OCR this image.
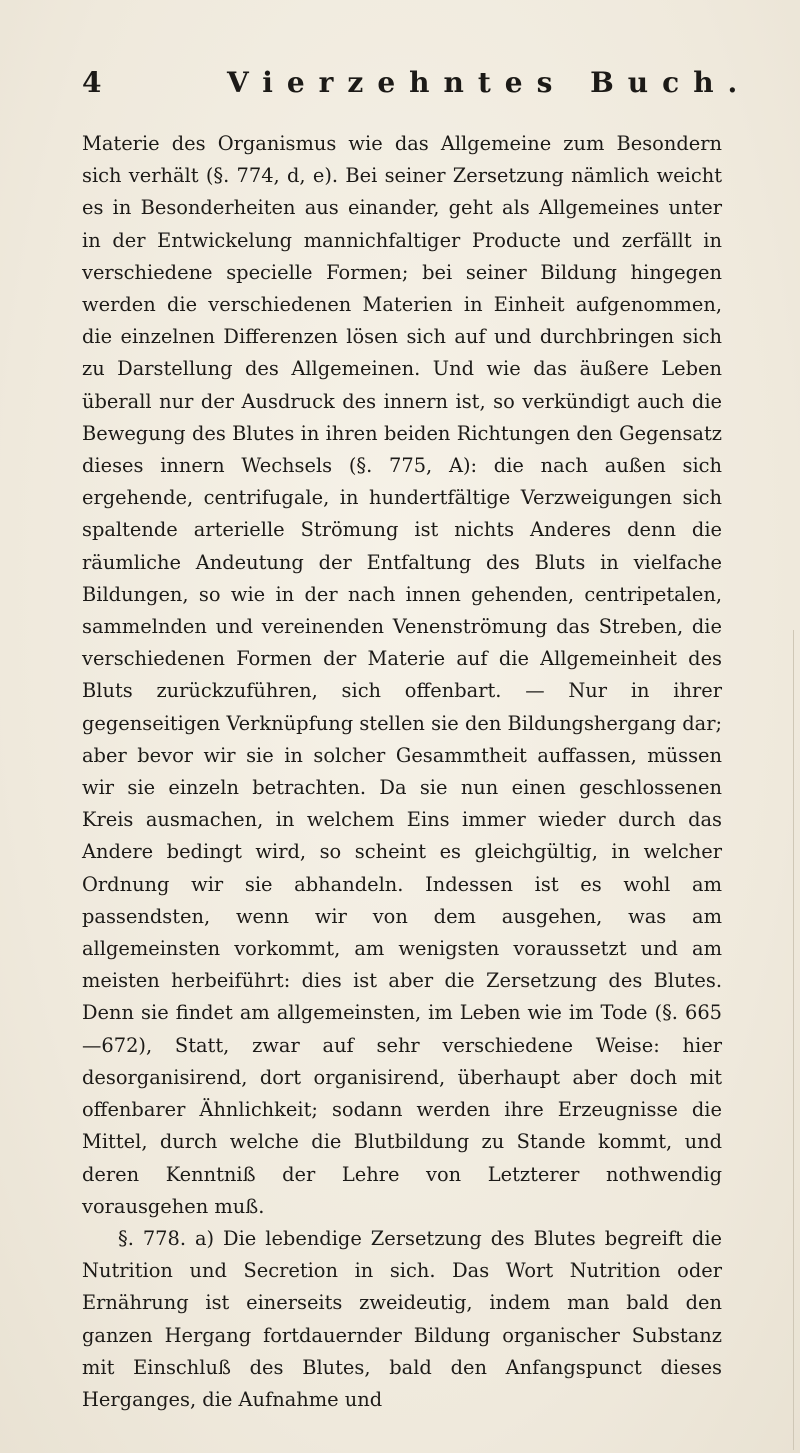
4	Vierzehntes Buch.

Materie des Organismus wie das Allgemeine zum Besondern sich verhält (§. 774, d, e). Bei seiner Zersetzung nämlich weicht es in Besonderheiten aus einander, geht als Allgemeines unter in der Entwickelung mannichfaltiger Producte und zerfällt in verschiedene specielle Formen; bei seiner Bildung hingegen werden die verschiedenen Materien in Einheit aufgenommen, die einzelnen Differenzen lösen sich auf und durchbringen sich zu Darstellung des Allgemeinen. Und wie das äußere Leben überall nur der Ausdruck des innern ist, so verkündigt auch die Bewegung des Blutes in ihren beiden Richtungen den Gegensatz dieses innern Wechsels (§. 775, A): die nach außen sich ergehende, centrifugale, in hundertfältige Verzweigungen sich spaltende arterielle Strömung ist nichts Anderes denn die räumliche Andeutung der Entfaltung des Bluts in vielfache Bildungen, so wie in der nach innen gehenden, centripetalen, sammelnden und vereinenden Venenströmung das Streben, die verschiedenen Formen der Materie auf die Allgemeinheit des Bluts zurückzuführen, sich offenbart. — Nur in ihrer gegenseitigen Verknüpfung stellen sie den Bildungshergang dar; aber bevor wir sie in solcher Gesammtheit auffassen, müssen wir sie einzeln betrachten. Da sie nun einen geschlossenen Kreis ausmachen, in welchem Eins immer wieder durch das Andere bedingt wird, so scheint es gleichgültig, in welcher Ordnung wir sie abhandeln. Indessen ist es wohl am passendsten, wenn wir von dem ausgehen, was am allgemeinsten vorkommt, am wenigsten voraussetzt und am meisten herbeiführt: dies ist aber die Zersetzung des Blutes. Denn sie findet am allgemeinsten, im Leben wie im Tode (§. 665—672), Statt, zwar auf sehr verschiedene Weise: hier desorganisirend, dort organisirend, überhaupt aber doch mit offenbarer Ähnlichkeit; sodann werden ihre Erzeugnisse die Mittel, durch welche die Blutbildung zu Stande kommt, und deren Kenntniß der Lehre von Letzterer nothwendig vorausgehen muß.

§. 778. a) Die lebendige Zersetzung des Blutes begreift die Nutrition und Secretion in sich. Das Wort Nutrition oder Ernährung ist einerseits zweideutig, indem man bald den ganzen Hergang fortdauernder Bildung organischer Substanz mit Einschluß des Blutes, bald den Anfangspunct dieses Herganges, die Aufnahme und
